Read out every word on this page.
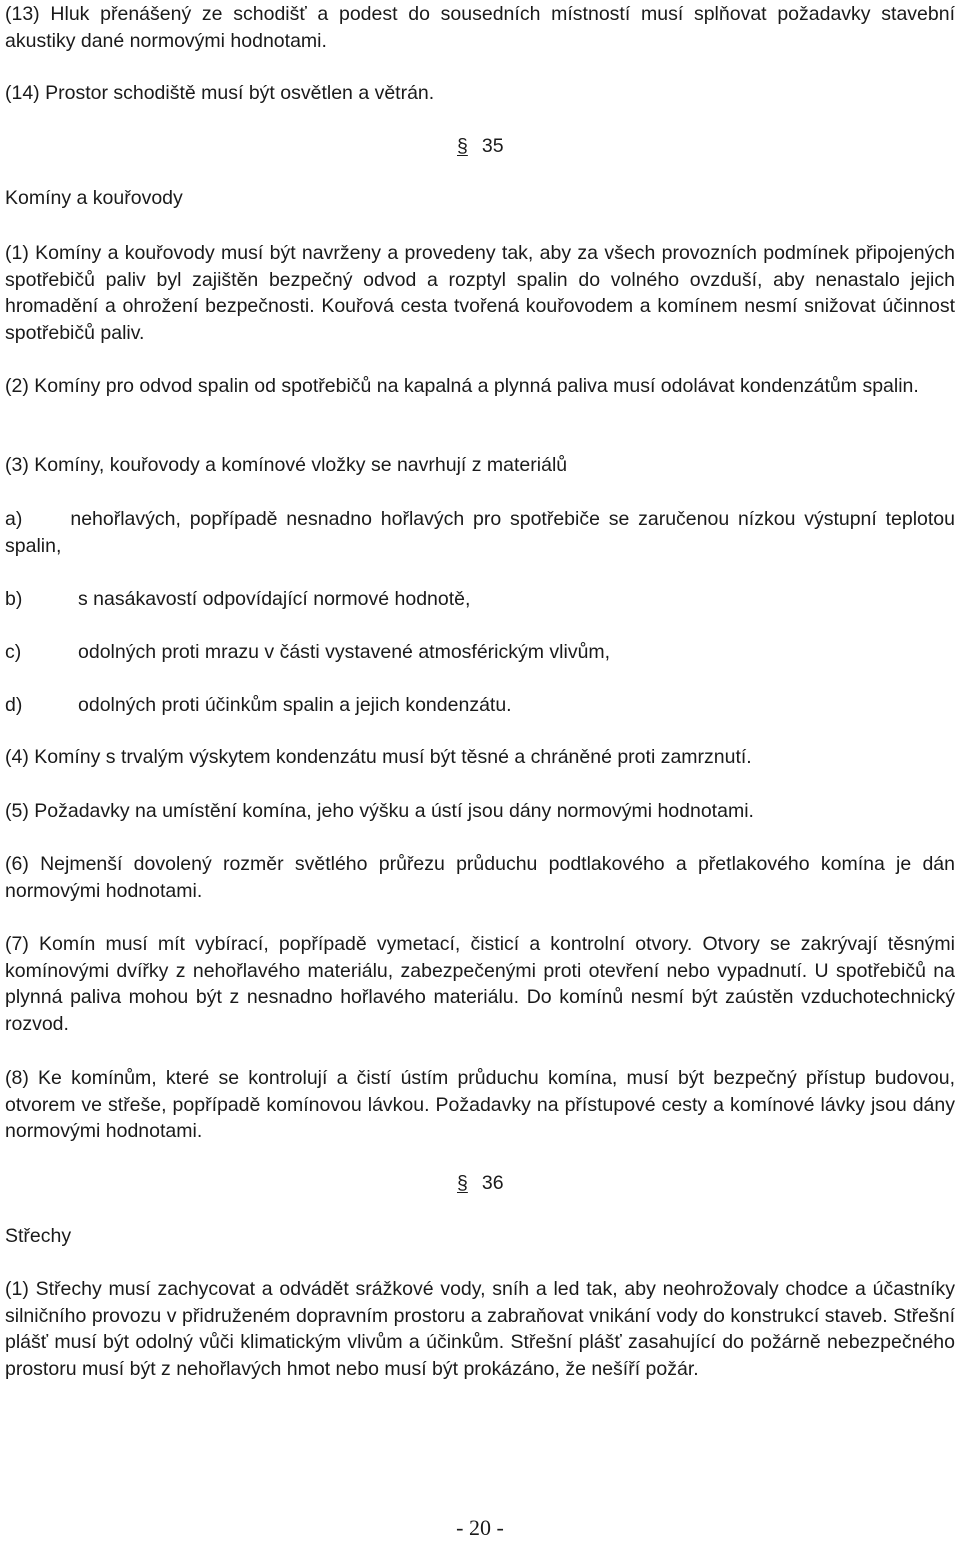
(13) Hluk přenášený ze schodišť a podest do sousedních místností musí splňovat požadavky stavební akustiky dané normovými hodnotami.

(14) Prostor schodiště musí být osvětlen a větrán.

§ 35

Komíny a kouřovody

(1) Komíny a kouřovody musí být navrženy a provedeny tak, aby za všech provozních podmínek připojených spotřebičů paliv byl zajištěn bezpečný odvod a rozptyl spalin do volného ovzduší, aby nenastalo jejich hromadění a ohrožení bezpečnosti. Kouřová cesta tvořená kouřovodem a komínem nesmí snižovat účinnost spotřebičů paliv.

(2) Komíny pro odvod spalin od spotřebičů na kapalná a plynná paliva musí odolávat kondenzátům spalin.

(3) Komíny, kouřovody a komínové vložky se navrhují z materiálů

a) nehořlavých, popřípadě nesnadno hořlavých pro spotřebiče se zaručenou nízkou výstupní teplotou spalin,
b)	s nasákavostí odpovídající normové hodnotě,
c)	odolných proti mrazu v části vystavené atmosférickým vlivům,
d)	odolných proti účinkům spalin a jejich kondenzátu.

(4) Komíny s trvalým výskytem kondenzátu musí být těsné a chráněné proti zamrznutí.

(5) Požadavky na umístění komína, jeho výšku a ústí jsou dány normovými hodnotami.

(6) Nejmenší dovolený rozměr světlého průřezu průduchu podtlakového a přetlakového komína je dán normovými hodnotami.

(7) Komín musí mít vybírací, popřípadě vymetací, čisticí a kontrolní otvory. Otvory se zakrývají těsnými komínovými dvířky z nehořlavého materiálu, zabezpečenými proti otevření nebo vypadnutí. U spotřebičů na plynná paliva mohou být z nesnadno hořlavého materiálu. Do komínů nesmí být zaústěn vzduchotechnický rozvod.

(8) Ke komínům, které se kontrolují a čistí ústím průduchu komína, musí být bezpečný přístup budovou, otvorem ve střeše, popřípadě komínovou lávkou. Požadavky na přístupové cesty a komínové lávky jsou dány normovými hodnotami.

§ 36

Střechy

(1) Střechy musí zachycovat a odvádět srážkové vody, sníh a led tak, aby neohrožovaly chodce a účastníky silničního provozu v přidruženém dopravním prostoru a zabraňovat vnikání vody do konstrukcí staveb. Střešní plášť musí být odolný vůči klimatickým vlivům a účinkům. Střešní plášť zasahující do požárně nebezpečného prostoru musí být z nehořlavých hmot nebo musí být prokázáno, že nešíří požár.

- 20 -
